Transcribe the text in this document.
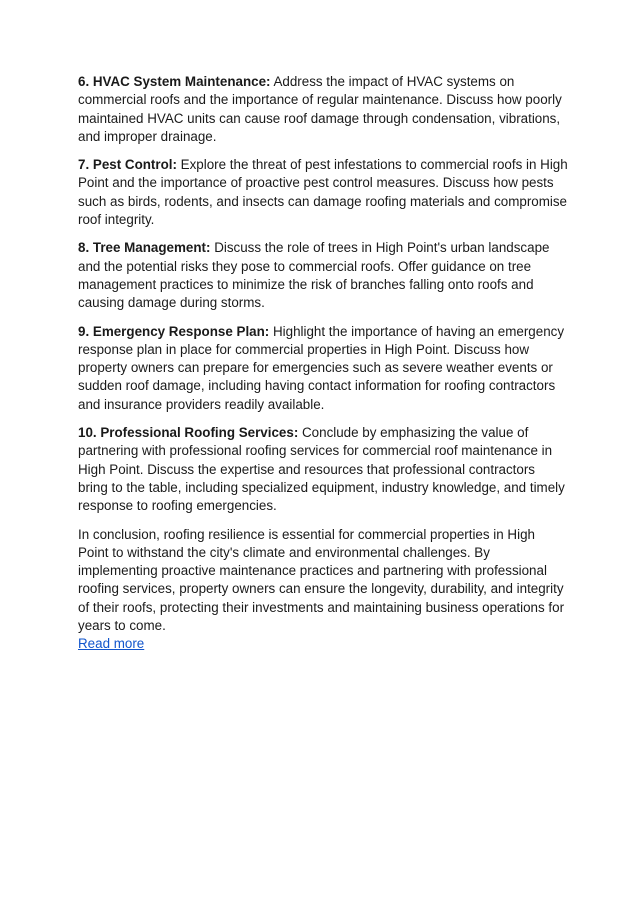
6. HVAC System Maintenance: Address the impact of HVAC systems on commercial roofs and the importance of regular maintenance. Discuss how poorly maintained HVAC units can cause roof damage through condensation, vibrations, and improper drainage.

7. Pest Control: Explore the threat of pest infestations to commercial roofs in High Point and the importance of proactive pest control measures. Discuss how pests such as birds, rodents, and insects can damage roofing materials and compromise roof integrity.

8. Tree Management: Discuss the role of trees in High Point's urban landscape and the potential risks they pose to commercial roofs. Offer guidance on tree management practices to minimize the risk of branches falling onto roofs and causing damage during storms.

9. Emergency Response Plan: Highlight the importance of having an emergency response plan in place for commercial properties in High Point. Discuss how property owners can prepare for emergencies such as severe weather events or sudden roof damage, including having contact information for roofing contractors and insurance providers readily available.

10. Professional Roofing Services: Conclude by emphasizing the value of partnering with professional roofing services for commercial roof maintenance in High Point. Discuss the expertise and resources that professional contractors bring to the table, including specialized equipment, industry knowledge, and timely response to roofing emergencies.

In conclusion, roofing resilience is essential for commercial properties in High Point to withstand the city's climate and environmental challenges. By implementing proactive maintenance practices and partnering with professional roofing services, property owners can ensure the longevity, durability, and integrity of their roofs, protecting their investments and maintaining business operations for years to come.
Read more
